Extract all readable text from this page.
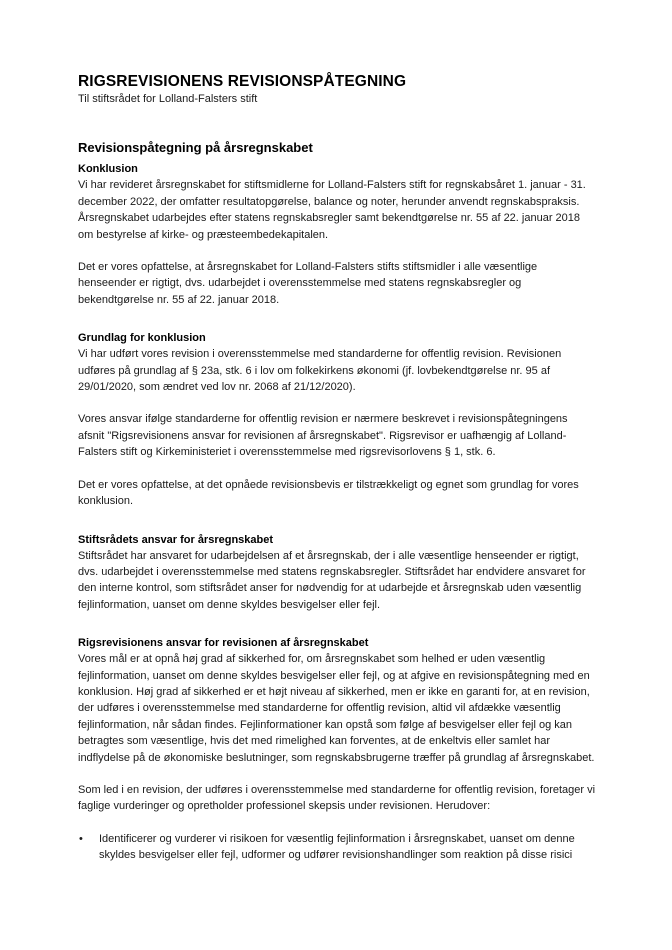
RIGSREVISIONENS REVISIONSPÅTEGNING

Til stiftsrådet for Lolland-Falsters stift

Revisionspåtegning på årsregnskabet
Konklusion

Vi har revideret årsregnskabet for stiftsmidlerne for Lolland-Falsters stift for regnskabsåret 1. januar - 31. december 2022, der omfatter resultatopgørelse, balance og noter, herunder anvendt regnskabspraksis. Årsregnskabet udarbejdes efter statens regnskabsregler samt bekendtgørelse nr. 55 af 22. januar 2018 om bestyrelse af kirke- og præsteembedekapitalen.

Det er vores opfattelse, at årsregnskabet for Lolland-Falsters stifts stiftsmidler i alle væsentlige henseender er rigtigt, dvs. udarbejdet i overensstemmelse med statens regnskabsregler og bekendtgørelse nr. 55 af 22. januar 2018.

Grundlag for konklusion

Vi har udført vores revision i overensstemmelse med standarderne for offentlig revision. Revisionen udføres på grundlag af § 23a, stk. 6 i lov om folkekirkens økonomi (jf. lovbekendtgørelse nr. 95 af 29/01/2020, som ændret ved lov nr. 2068 af 21/12/2020).

Vores ansvar ifølge standarderne for offentlig revision er nærmere beskrevet i revisionspåtegningens afsnit "Rigsrevisionens ansvar for revisionen af årsregnskabet". Rigsrevisor er uafhængig af Lolland-Falsters stift og Kirkeministeriet i overensstemmelse med rigsrevisorlovens § 1, stk. 6.

Det er vores opfattelse, at det opnåede revisionsbevis er tilstrækkeligt og egnet som grundlag for vores konklusion.

Stiftsrådets ansvar for årsregnskabet

Stiftsrådet har ansvaret for udarbejdelsen af et årsregnskab, der i alle væsentlige henseender er rigtigt, dvs. udarbejdet i overensstemmelse med statens regnskabsregler. Stiftsrådet har endvidere ansvaret for den interne kontrol, som stiftsrådet anser for nødvendig for at udarbejde et årsregnskab uden væsentlig fejlinformation, uanset om denne skyldes besvigelser eller fejl.

Rigsrevisionens ansvar for revisionen af årsregnskabet

Vores mål er at opnå høj grad af sikkerhed for, om årsregnskabet som helhed er uden væsentlig fejlinformation, uanset om denne skyldes besvigelser eller fejl, og at afgive en revisionspåtegning med en konklusion. Høj grad af sikkerhed er et højt niveau af sikkerhed, men er ikke en garanti for, at en revision, der udføres i overensstemmelse med standarderne for offentlig revision, altid vil afdække væsentlig fejlinformation, når sådan findes. Fejlinformationer kan opstå som følge af besvigelser eller fejl og kan betragtes som væsentlige, hvis det med rimelighed kan forventes, at de enkeltvis eller samlet har indflydelse på de økonomiske beslutninger, som regnskabsbrugerne træffer på grundlag af årsregnskabet.

Som led i en revision, der udføres i overensstemmelse med standarderne for offentlig revision, foretager vi faglige vurderinger og opretholder professionel skepsis under revisionen. Herudover:

• Identificerer og vurderer vi risikoen for væsentlig fejlinformation i årsregnskabet, uanset om denne skyldes besvigelser eller fejl, udformer og udfører revisionshandlinger som reaktion på disse risici
